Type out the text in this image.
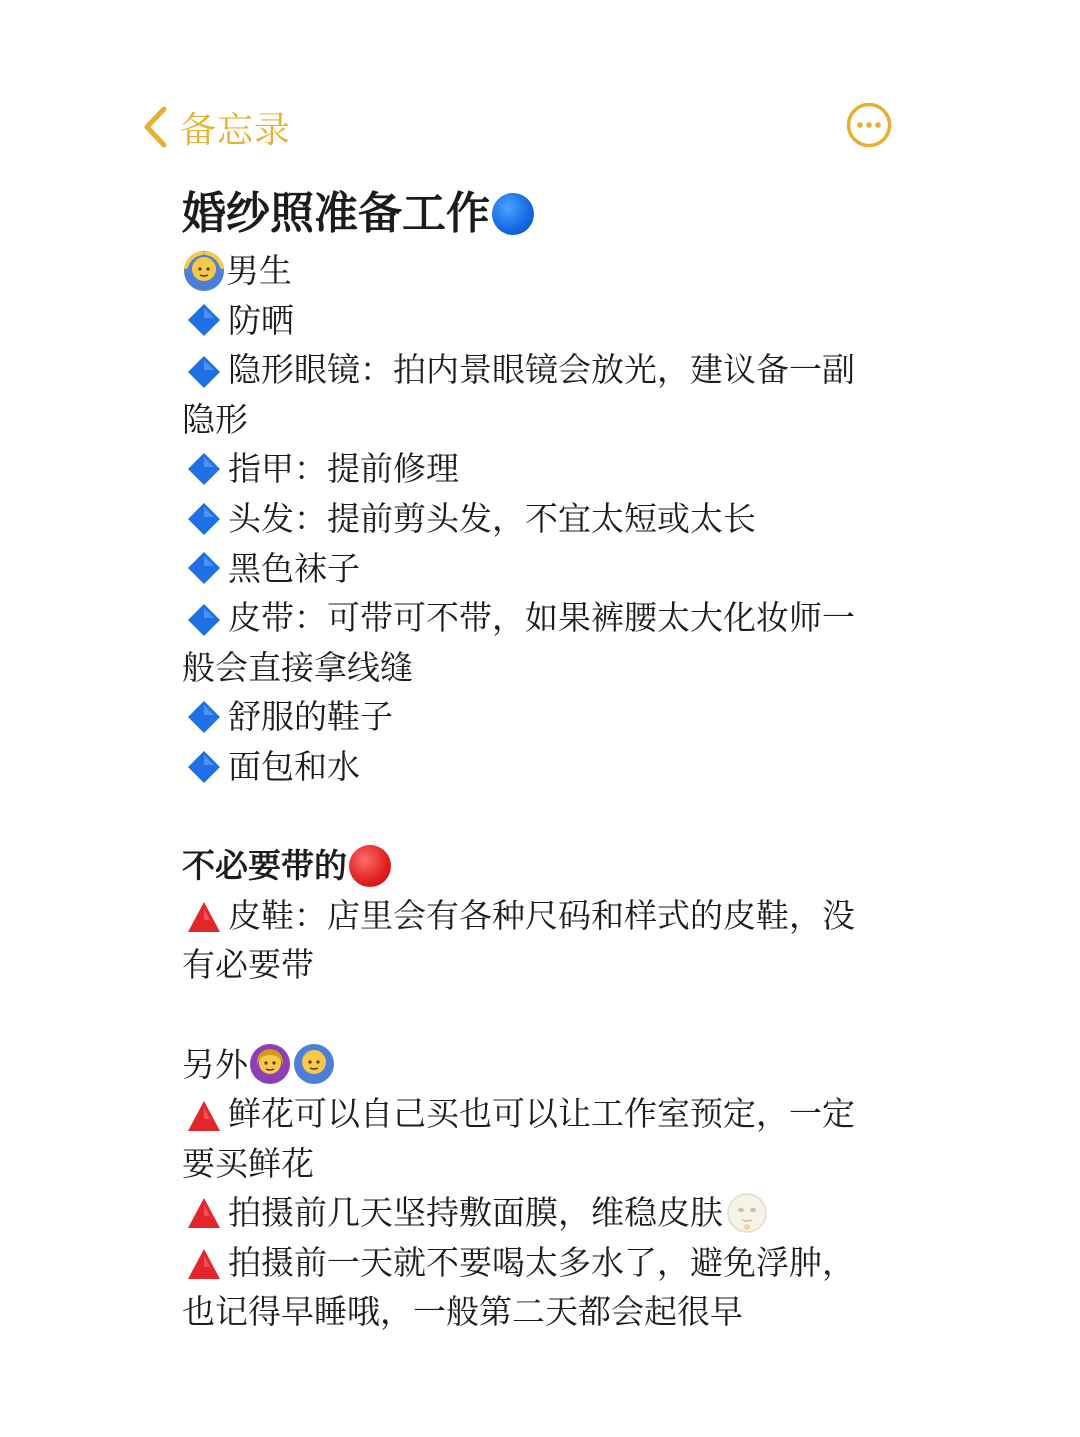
备忘录
婚纱照准备工作
男生
防晒
隐形眼镜：拍内景眼镜会放光，建议备一副隐形
指甲：提前修理
头发：提前剪头发，不宜太短或太长
黑色袜子
皮带：可带可不带，如果裤腰太大化妆师一般会直接拿线缝
舒服的鞋子
面包和水
不必要带的
皮鞋：店里会有各种尺码和样式的皮鞋，没有必要带
另外
鲜花可以自己买也可以让工作室预定，一定要买鲜花
拍摄前几天坚持敷面膜，维稳皮肤
拍摄前一天就不要喝太多水了，避免浮肿，也记得早睡哦，一般第二天都会起很早
